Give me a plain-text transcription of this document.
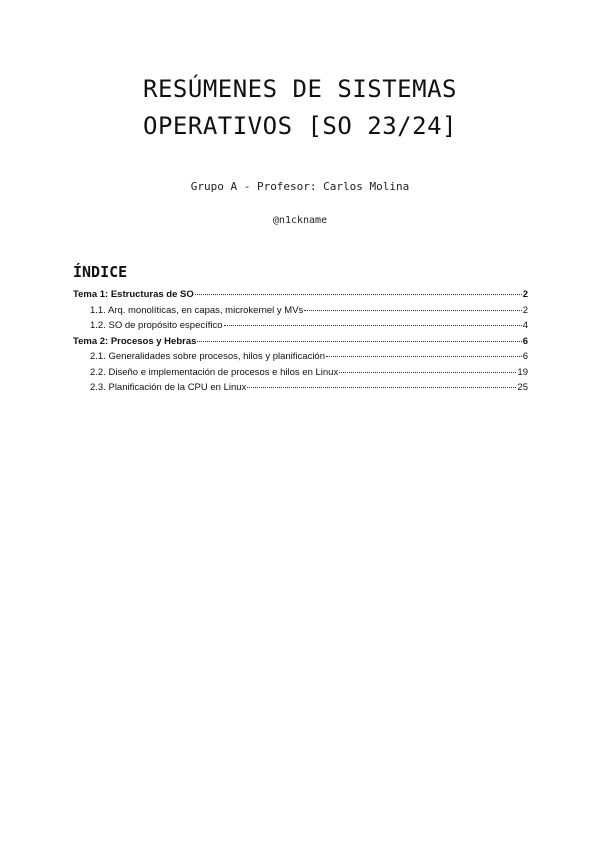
RESÚMENES DE SISTEMAS
OPERATIVOS [SO 23/24]
Grupo A - Profesor: Carlos Molina
@n1ckname
ÍNDICE
Tema 1: Estructuras de SO	2
1.1. Arq. monolíticas, en capas, microkernel y MVs	2
1.2. SO de propósito específico	4
Tema 2: Procesos y Hebras	6
2.1. Generalidades sobre procesos, hilos y planificación	6
2.2. Diseño e implementación de procesos e hilos en Linux	19
2.3. Planificación de la CPU en Linux	25
